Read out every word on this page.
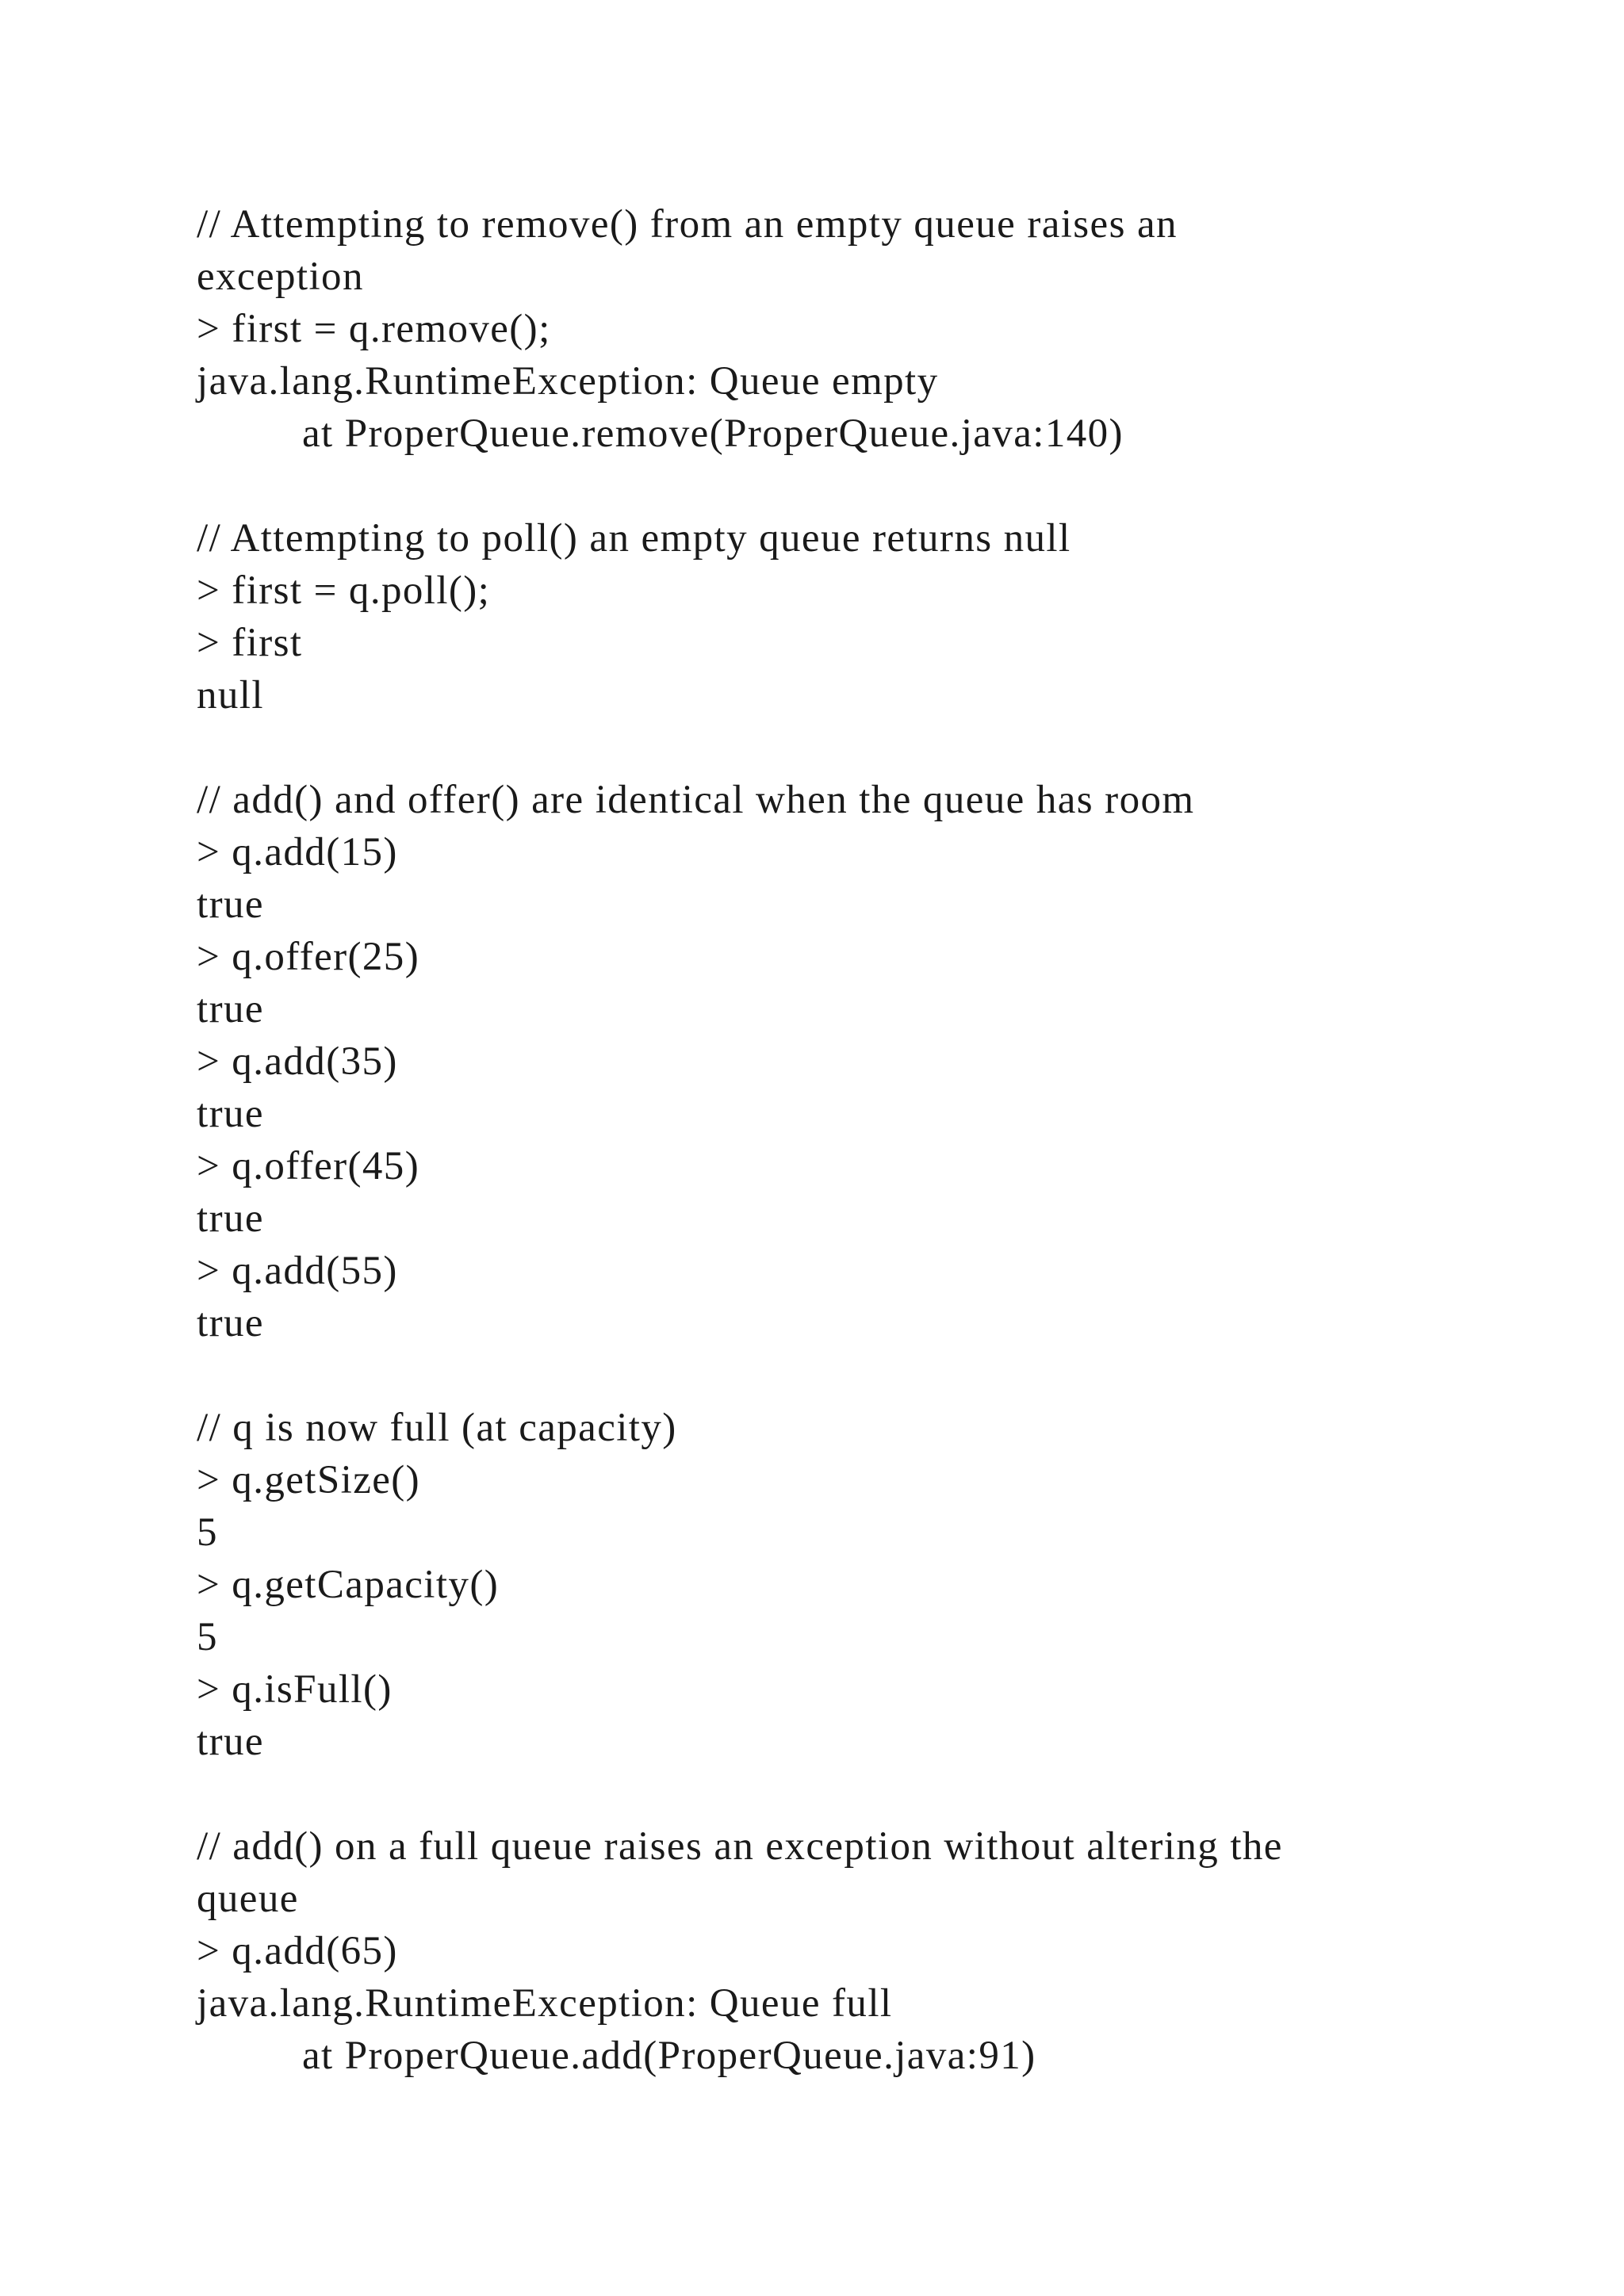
// Attempting to remove() from an empty queue raises an
exception
> first = q.remove();
java.lang.RuntimeException: Queue empty
at ProperQueue.remove(ProperQueue.java:140)
// Attempting to poll() an empty queue returns null
> first = q.poll();
> first
null
// add() and offer() are identical when the queue has room
> q.add(15)
true
> q.offer(25)
true
> q.add(35)
true
> q.offer(45)
true
> q.add(55)
true
// q is now full (at capacity)
> q.getSize()
5
> q.getCapacity()
5
> q.isFull()
true
// add() on a full queue raises an exception without altering the
queue
> q.add(65)
java.lang.RuntimeException: Queue full
at ProperQueue.add(ProperQueue.java:91)
